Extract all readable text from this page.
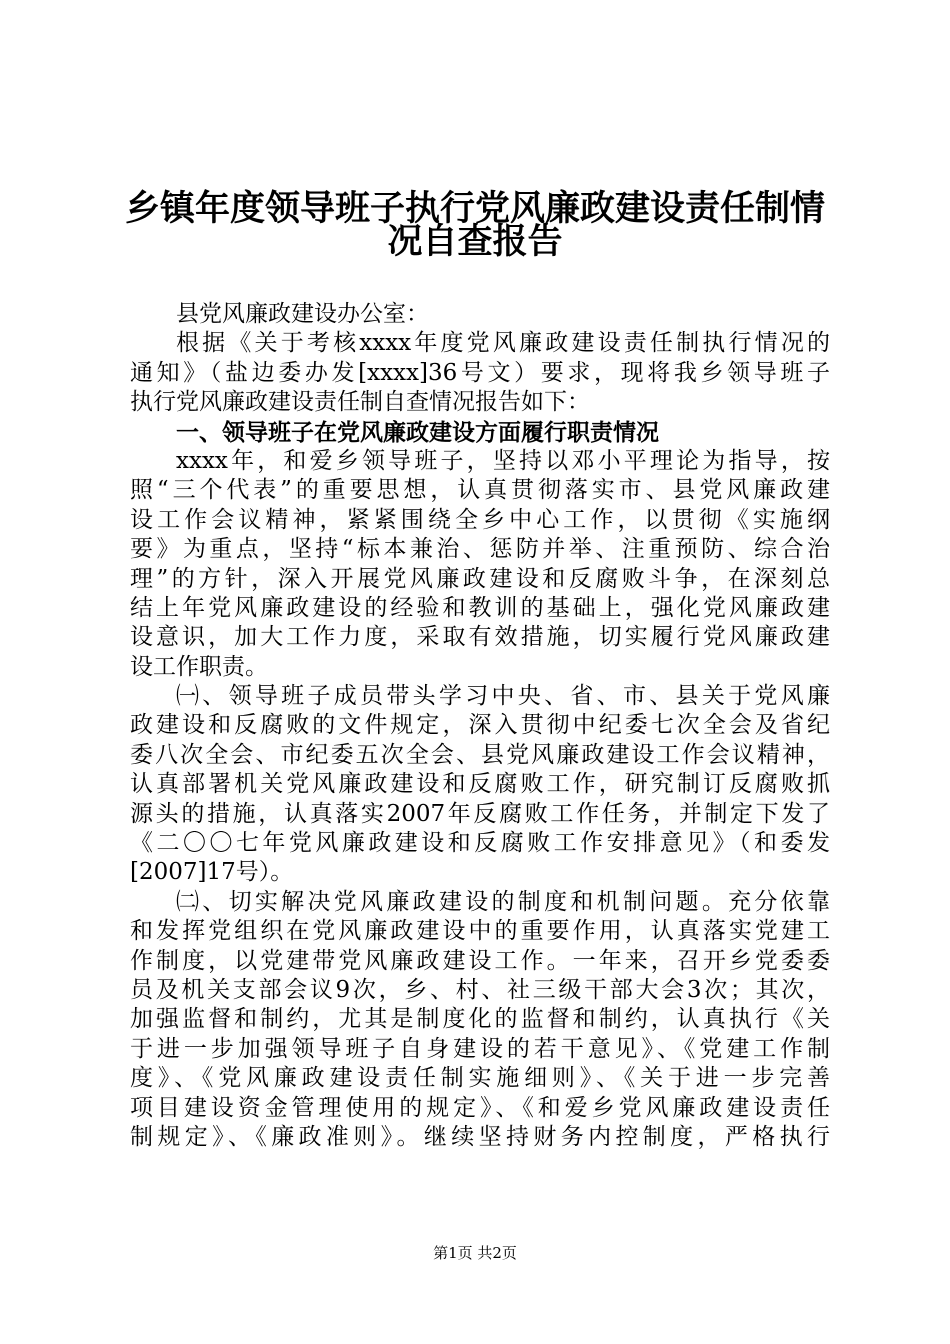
乡镇年度领导班子执行党风廉政建设责任制情
况自查报告
县党风廉政建设办公室：
根据《关于考核xxxx年度党风廉政建设责任制执行情况的
通知》（盐边委办发[xxxx]36号文）要求，现将我乡领导班子
执行党风廉政建设责任制自查情况报告如下：
一、领导班子在党风廉政建设方面履行职责情况
xxxx年，和爱乡领导班子，坚持以邓小平理论为指导，按
照“三个代表”的重要思想，认真贯彻落实市、县党风廉政建
设工作会议精神，紧紧围绕全乡中心工作，以贯彻《实施纲
要》为重点，坚持“标本兼治、惩防并举、注重预防、综合治
理”的方针，深入开展党风廉政建设和反腐败斗争，在深刻总
结上年党风廉政建设的经验和教训的基础上，强化党风廉政建
设意识，加大工作力度，采取有效措施，切实履行党风廉政建
设工作职责。
㈠、领导班子成员带头学习中央、省、市、县关于党风廉
政建设和反腐败的文件规定，深入贯彻中纪委七次全会及省纪
委八次全会、市纪委五次全会、县党风廉政建设工作会议精神，
认真部署机关党风廉政建设和反腐败工作，研究制订反腐败抓
源头的措施，认真落实2007年反腐败工作任务，并制定下发了
《二〇〇七年党风廉政建设和反腐败工作安排意见》（和委发
[2007]17号）。
㈡、切实解决党风廉政建设的制度和机制问题。充分依靠
和发挥党组织在党风廉政建设中的重要作用，认真落实党建工
作制度，以党建带党风廉政建设工作。一年来，召开乡党委委
员及机关支部会议9次，乡、村、社三级干部大会3次；其次，
加强监督和制约，尤其是制度化的监督和制约，认真执行《关
于进一步加强领导班子自身建设的若干意见》、《党建工作制
度》、《党风廉政建设责任制实施细则》、《关于进一步完善
项目建设资金管理使用的规定》、《和爱乡党风廉政建设责任
制规定》、《廉政准则》。继续坚持财务内控制度，严格执行
第1页 共2页
